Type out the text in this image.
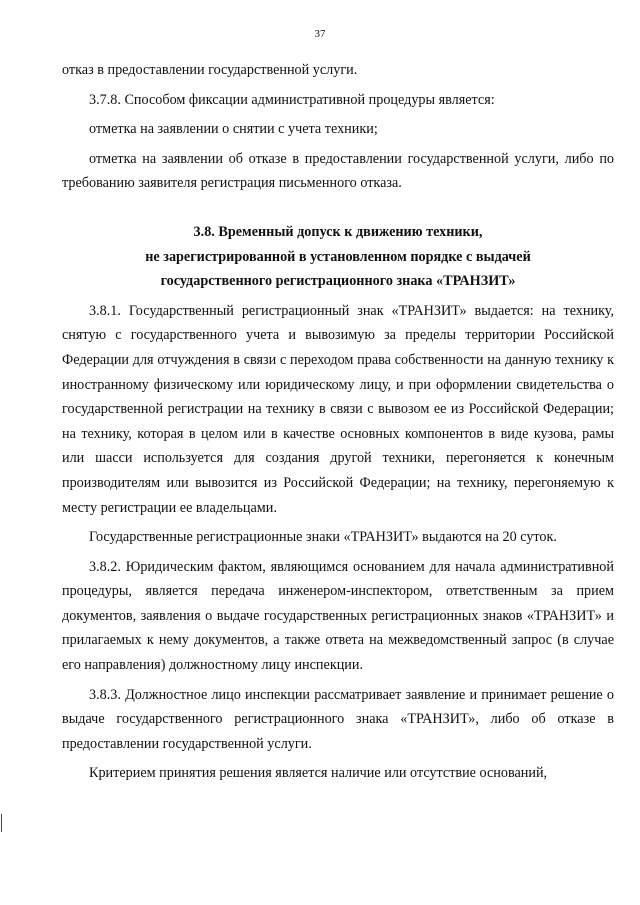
37

отказ в предоставлении государственной услуги.

3.7.8. Способом фиксации административной процедуры является:

отметка на заявлении о снятии с учета техники;

отметка на заявлении об отказе в предоставлении государственной услуги, либо по требованию заявителя регистрация письменного отказа.

3.8. Временный допуск к движению техники,
не зарегистрированной в установленном порядке с выдачей
государственного регистрационного знака «ТРАНЗИТ»

3.8.1. Государственный регистрационный знак «ТРАНЗИТ» выдается: на технику, снятую с государственного учета и вывозимую за пределы территории Российской Федерации для отчуждения в связи с переходом права собственности на данную технику к иностранному физическому или юридическому лицу, и при оформлении свидетельства о государственной регистрации на технику в связи с вывозом ее из Российской Федерации; на технику, которая в целом или в качестве основных компонентов в виде кузова, рамы или шасси используется для создания другой техники, перегоняется к конечным производителям или вывозится из Российской Федерации; на технику, перегоняемую к месту регистрации ее владельцами.

Государственные регистрационные знаки «ТРАНЗИТ» выдаются на 20 суток.

3.8.2. Юридическим фактом, являющимся основанием для начала административной процедуры, является передача инженером-инспектором, ответственным за прием документов, заявления о выдаче государственных регистрационных знаков «ТРАНЗИТ» и прилагаемых к нему документов, а также ответа на межведомственный запрос (в случае его направления) должностному лицу инспекции.

3.8.3. Должностное лицо инспекции рассматривает заявление и принимает решение о выдаче государственного регистрационного знака «ТРАНЗИТ», либо об отказе в предоставлении государственной услуги.

Критерием принятия решения является наличие или отсутствие оснований,
